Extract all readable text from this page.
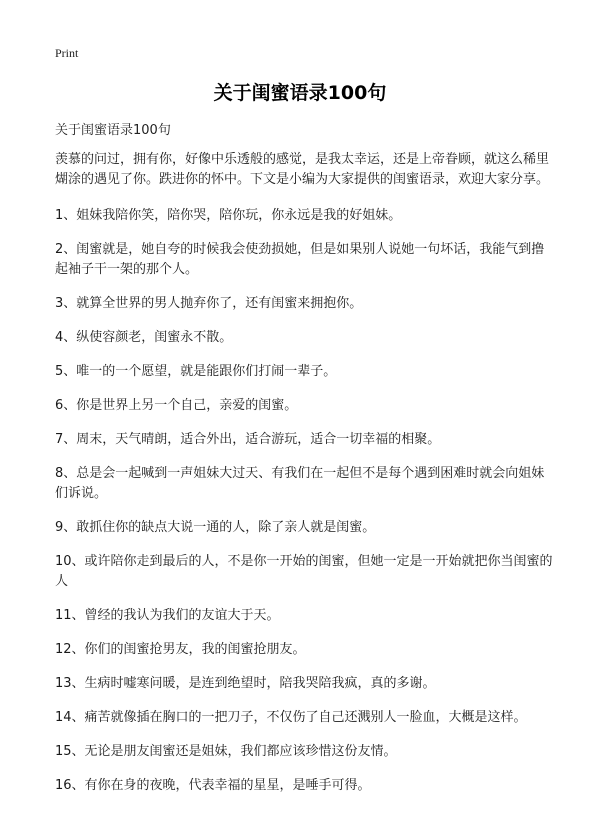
Print
关于闺蜜语录100句
关于闺蜜语录100句

羡慕的问过，拥有你，好像中乐透般的感觉，是我太幸运，还是上帝眷顾，就这么稀里煳涂的遇见了你。跌进你的怀中。下文是小编为大家提供的闺蜜语录，欢迎大家分享。

1、姐妹我陪你笑，陪你哭，陪你玩，你永远是我的好姐妹。

2、闺蜜就是，她自夸的时候我会使劲损她，但是如果别人说她一句坏话，我能气到撸起袖子干一架的那个人。

3、就算全世界的男人抛弃你了，还有闺蜜来拥抱你。

4、纵使容颜老，闺蜜永不散。

5、唯一的一个愿望，就是能跟你们打闹一辈子。

6、你是世界上另一个自己，亲爱的闺蜜。

7、周末，天气晴朗，适合外出，适合游玩，适合一切幸福的相聚。

8、总是会一起喊到一声姐妹大过天、有我们在一起但不是每个遇到困难时就会向姐妹们诉说。

9、敢抓住你的缺点大说一通的人，除了亲人就是闺蜜。

10、或许陪你走到最后的人，不是你一开始的闺蜜，但她一定是一开始就把你当闺蜜的人

11、曾经的我认为我们的友谊大于天。

12、你们的闺蜜抢男友，我的闺蜜抢朋友。

13、生病时嘘寒问暖，是连到绝望时，陪我哭陪我疯，真的多谢。

14、痛苦就像插在胸口的一把刀子，不仅伤了自己还溅别人一脸血，大概是这样。

15、无论是朋友闺蜜还是姐妹，我们都应该珍惜这份友情。

16、有你在身的夜晚，代表幸福的星星，是唾手可得。
